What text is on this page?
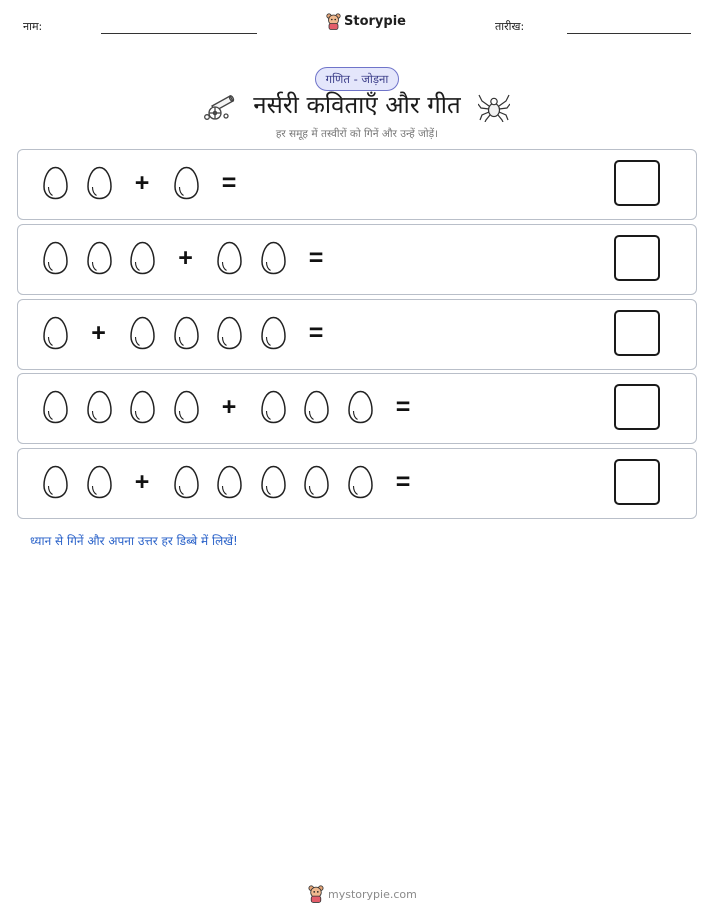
नाम:	Storypie	तारीख:
गणित - जोड़ना
नर्सरी कविताएँ और गीत
हर समूह में तस्वीरों को गिनें और उन्हें जोड़ें।
+	=
+	=
+	=
+	=
+	=
ध्यान से गिनें और अपना उत्तर हर डिब्बे में लिखें!
mystorypie.com
